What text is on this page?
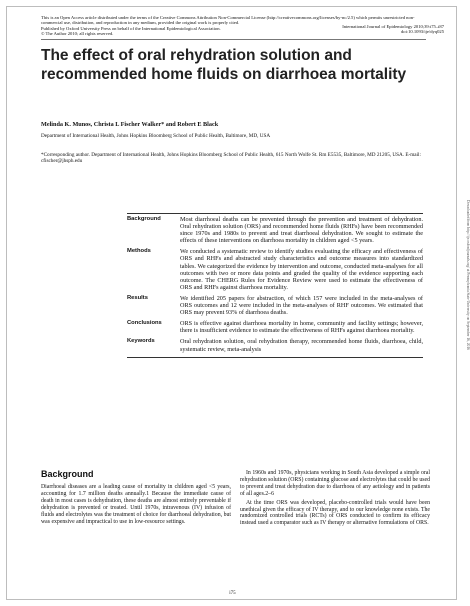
This is an Open Access article distributed under the terms of the Creative Commons Attribution Non-Commercial License (http://creativecommons.org/licenses/by-nc/2.5) which permits unrestricted non-commercial use, distribution, and reproduction in any medium, provided the original work is properly cited.
Published by Oxford University Press on behalf of the International Epidemiological Association.
© The Author 2010; all rights reserved.
International Journal of Epidemiology 2010;39:i75–i87
doi:10.1093/ije/dyq025
The effect of oral rehydration solution and recommended home fluids on diarrhoea mortality
Melinda K. Munos, Christa L Fischer Walker* and Robert E Black
Department of International Health, Johns Hopkins Bloomberg School of Public Health, Baltimore, MD, USA
*Corresponding author. Department of International Health, Johns Hopkins Bloomberg School of Public Health, 615 North Wolfe St. Rm E5535, Baltimore, MD 21205, USA. E-mail: cfischer@jhsph.edu
Background	Most diarrhoeal deaths can be prevented through the prevention and treatment of dehydration. Oral rehydration solution (ORS) and recommended home fluids (RHFs) have been recommended since 1970s and 1980s to prevent and treat diarrhoeal dehydration. We sought to estimate the effects of these interventions on diarrhoea mortality in children aged <5 years.
Methods	We conducted a systematic review to identify studies evaluating the efficacy and effectiveness of ORS and RHFs and abstracted study characteristics and outcome measures into standardized tables. We categorized the evidence by intervention and outcome, conducted meta-analyses for all outcomes with two or more data points and graded the quality of the evidence supporting each outcome. The CHERG Rules for Evidence Review were used to estimate the effectiveness of ORS and RHFs against diarrhoea mortality.
Results	We identified 205 papers for abstraction, of which 157 were included in the meta-analyses of ORS outcomes and 12 were included in the meta-analyses of RHF outcomes. We estimated that ORS may prevent 93% of diarrhoea deaths.
Conclusions	ORS is effective against diarrhoea mortality in home, community and facility settings; however, there is insufficient evidence to estimate the effectiveness of RHFs against diarrhoea mortality.
Keywords	Oral rehydration solution, oral rehydration therapy, recommended home fluids, diarrhoea, child, systematic review, meta-analysis
Background
Diarrhoeal diseases are a leading cause of mortality in children aged <5 years, accounting for 1.7 million deaths annually.1 Because the immediate cause of death in most cases is dehydration, these deaths are almost entirely preventable if dehydration is prevented or treated. Until 1970s, intravenous (IV) infusion of fluids and electrolytes was the treatment of choice for diarrhoeal dehydration, but was expensive and impractical to use in low-resource settings.

In 1960s and 1970s, physicians working in South Asia developed a simple oral rehydration solution (ORS) containing glucose and electrolytes that could be used to prevent and treat dehydration due to diarrhoea of any aetiology and in patients of all ages.2–6

At the time ORS was developed, placebo-controlled trials would have been unethical given the efficacy of IV therapy, and to our knowledge none exists. The randomized controlled trials (RCTs) of ORS conducted to confirm its efficacy instead used a comparator such as IV therapy or alternative formulations of ORS.

i75
Downloaded from http://ije.oxfordjournals.org/ at Pennsylvania State University on September 16, 2016
